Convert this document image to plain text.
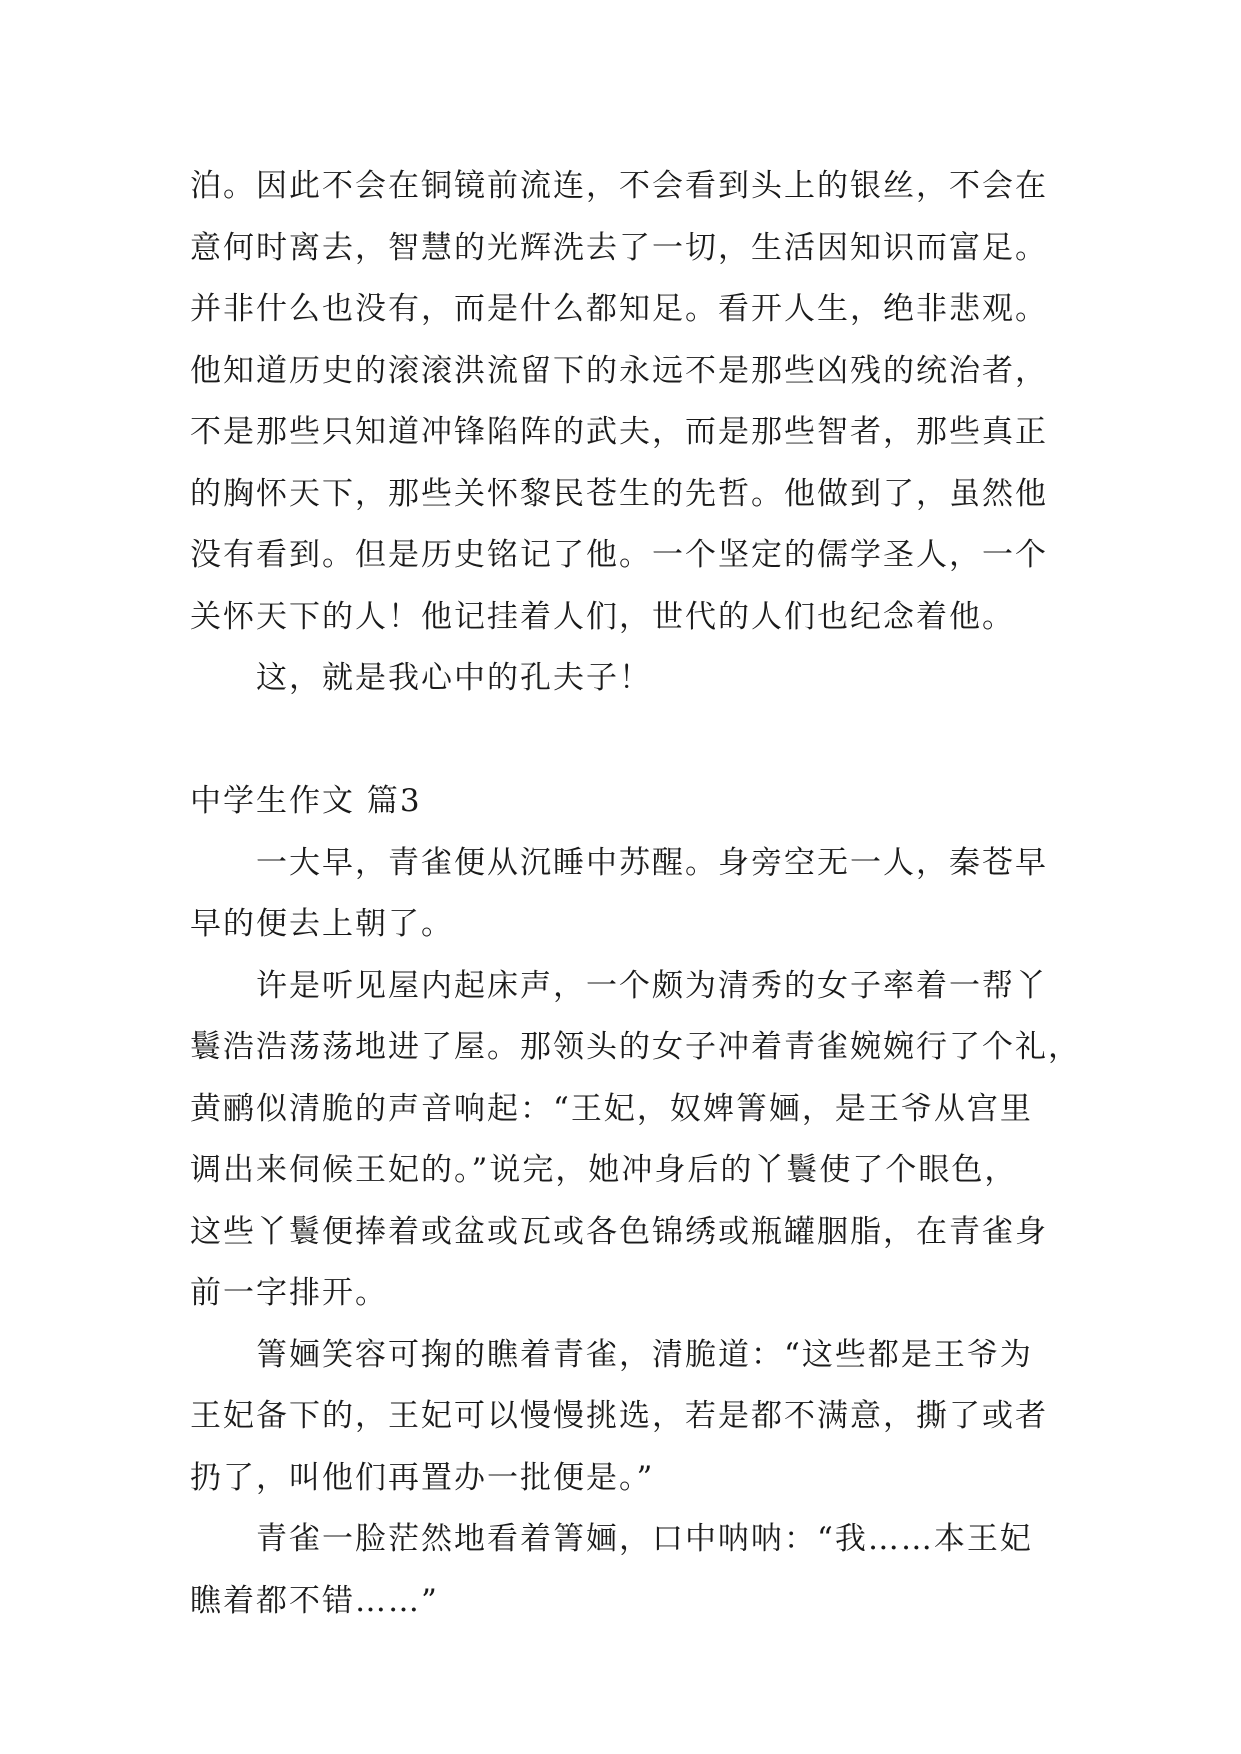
泊。因此不会在铜镜前流连，不会看到头上的银丝，不会在
意何时离去，智慧的光辉洗去了一切，生活因知识而富足。
并非什么也没有，而是什么都知足。看开人生，绝非悲观。
他知道历史的滚滚洪流留下的永远不是那些凶残的统治者，
不是那些只知道冲锋陷阵的武夫，而是那些智者，那些真正
的胸怀天下，那些关怀黎民苍生的先哲。他做到了，虽然他
没有看到。但是历史铭记了他。一个坚定的儒学圣人，一个
关怀天下的人！他记挂着人们，世代的人们也纪念着他。
这，就是我心中的孔夫子！
中学生作文 篇3
一大早，青雀便从沉睡中苏醒。身旁空无一人，秦苍早
早的便去上朝了。
许是听见屋内起床声，一个颇为清秀的女子率着一帮丫
鬟浩浩荡荡地进了屋。那领头的女子冲着青雀婉婉行了个礼，
黄鹂似清脆的声音响起：“王妃，奴婢箐婳，是王爷从宫里
调出来伺候王妃的。”说完，她冲身后的丫鬟使了个眼色，
这些丫鬟便捧着或盆或瓦或各色锦绣或瓶罐胭脂，在青雀身
前一字排开。
箐婳笑容可掬的瞧着青雀，清脆道：“这些都是王爷为
王妃备下的，王妃可以慢慢挑选，若是都不满意，撕了或者
扔了，叫他们再置办一批便是。”
青雀一脸茫然地看着箐婳，口中呐呐：“我……本王妃
瞧着都不错……”
